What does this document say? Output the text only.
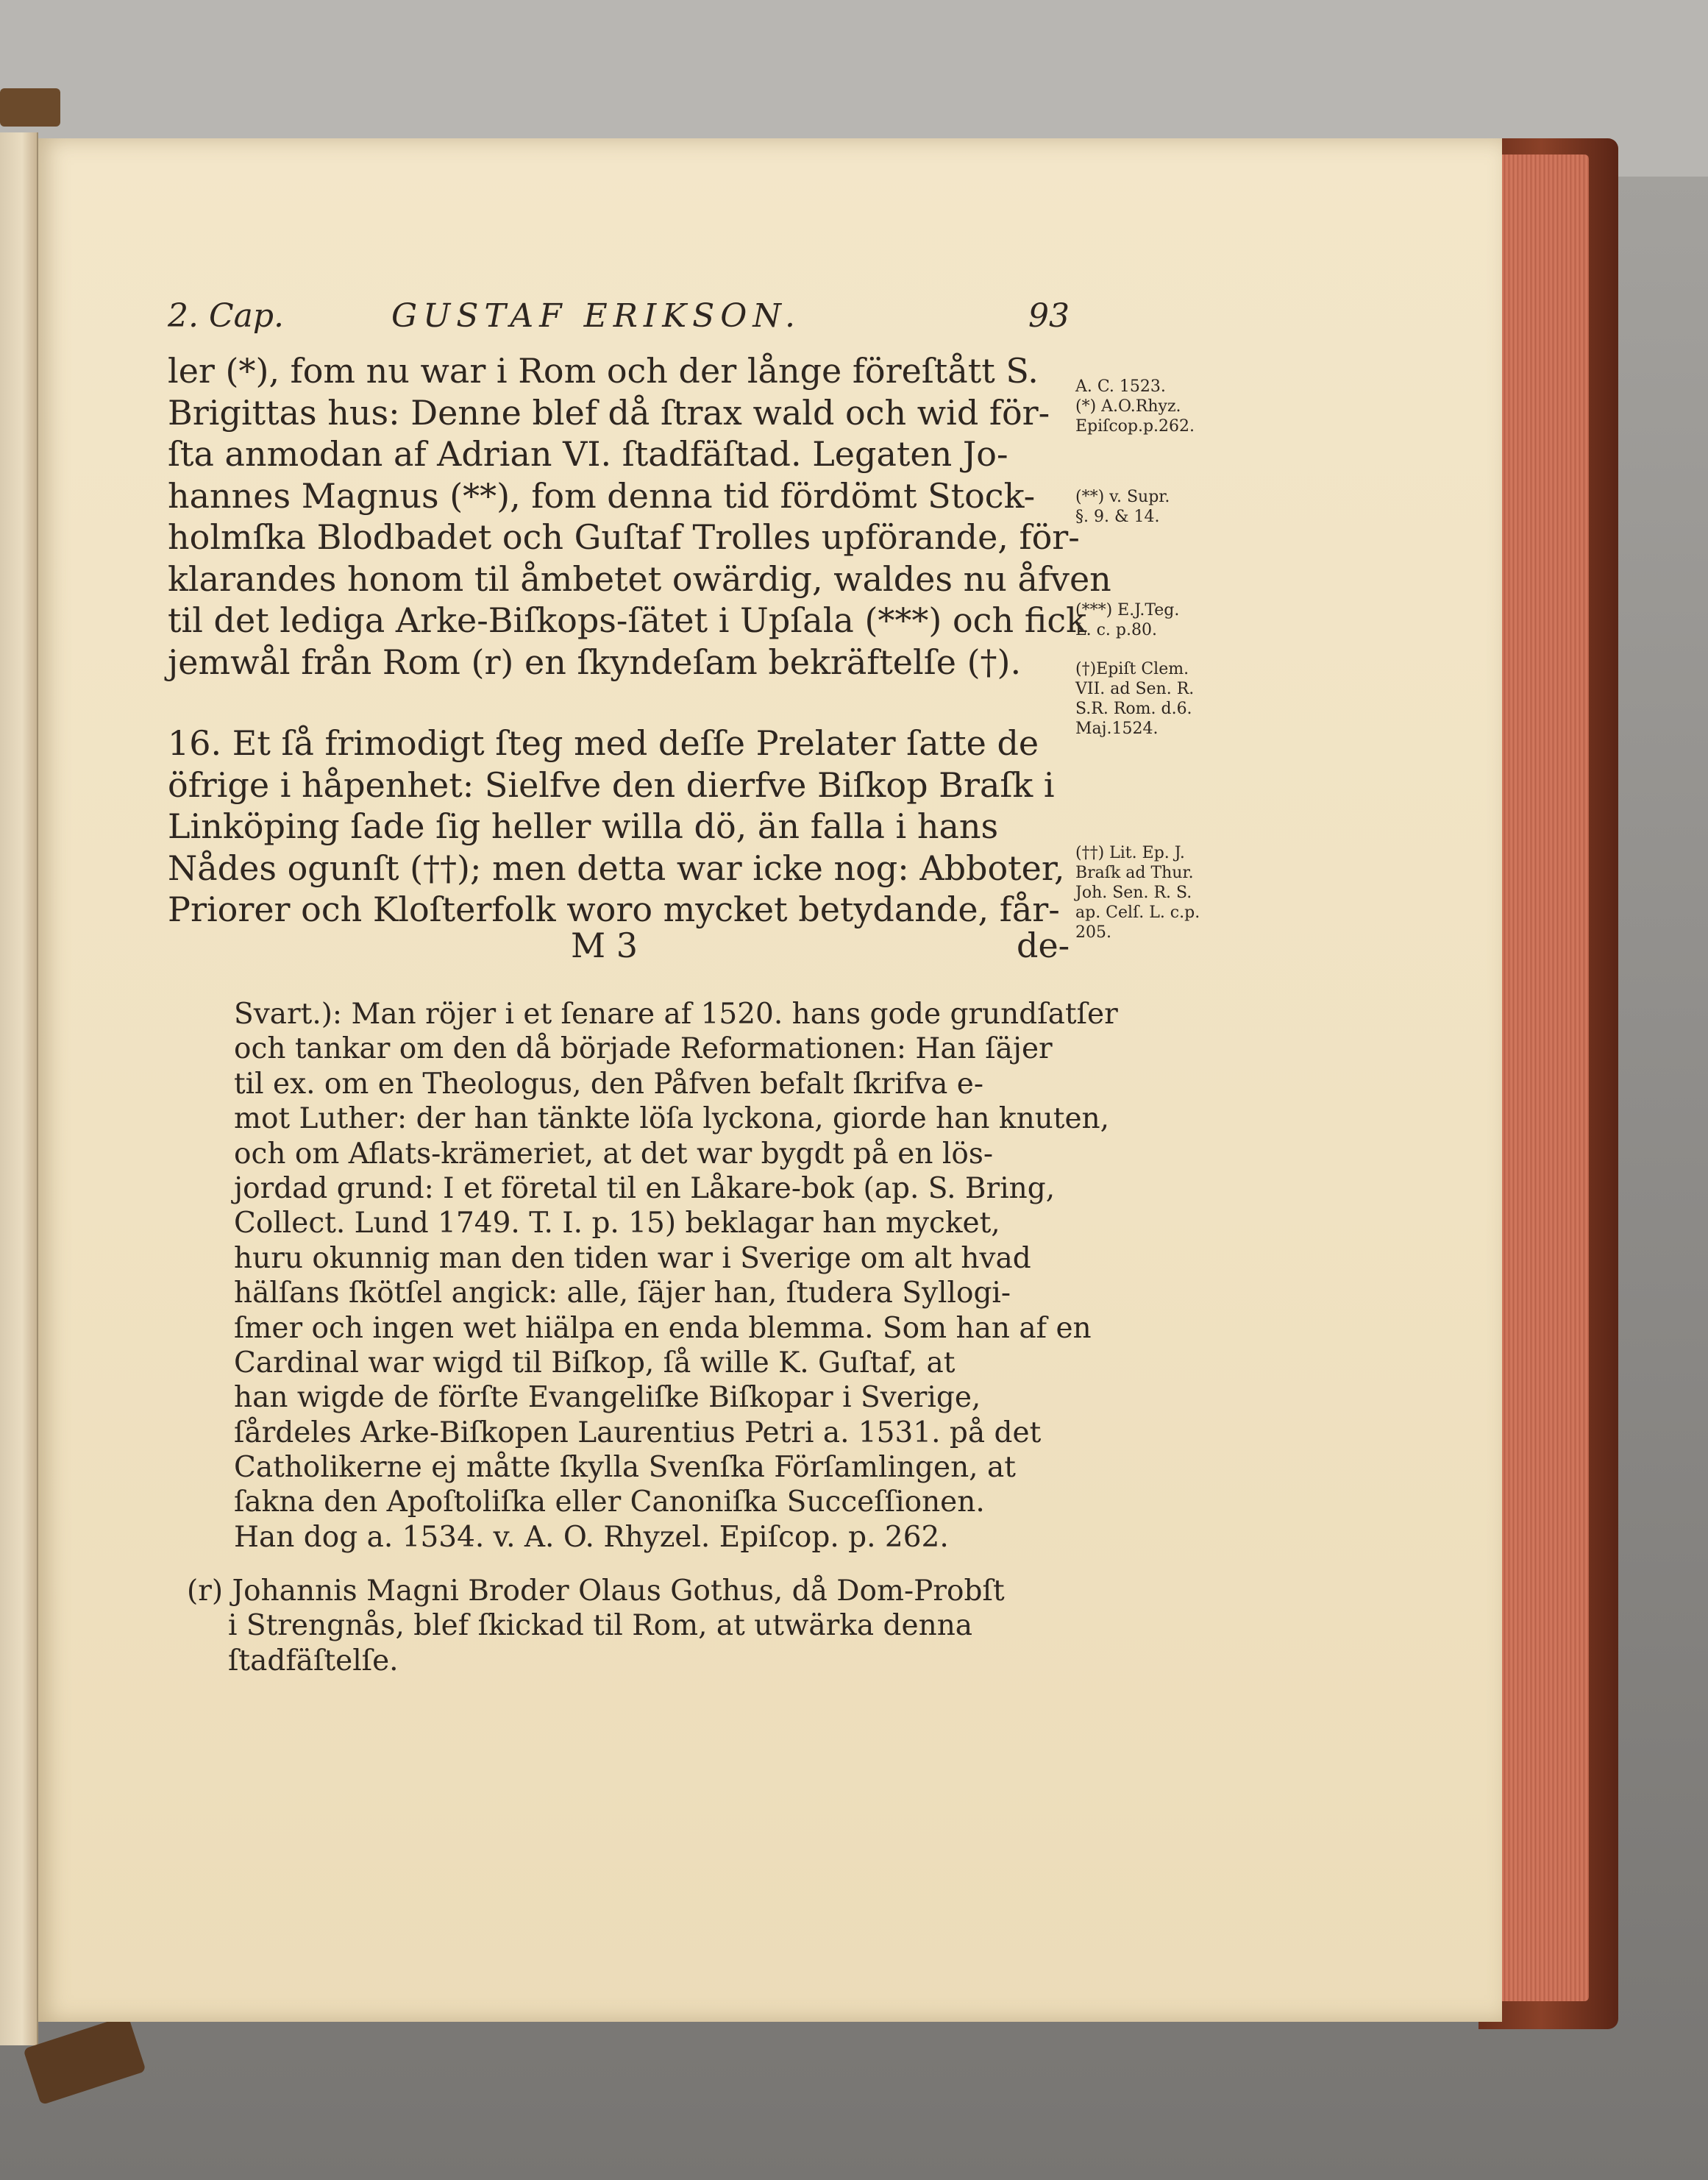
2. Cap.	GUSTAF ERIKSON.	93
ler (*), fom nu war i Rom och der långe föreſtått S.
Brigittas hus: Denne blef då ſtrax wald och wid för-
ſta anmodan af Adrian VI. ſtadfäſtad. Legaten Jo-
hannes Magnus (**), fom denna tid fördömt Stock-
holmſka Blodbadet och Guſtaf Trolles upförande, för-
klarandes honom til åmbetet owärdig, waldes nu åfven
til det lediga Arke-Biſkops-ſätet i Upſala (***) och fick
jemwål från Rom (r) en ſkyndeſam bekräftelſe (†).
16. Et ſå frimodigt ſteg med deſſe Prelater ſatte de
öfrige i håpenhet: Sielfve den dierfve Biſkop Braſk i
Linköping ſade ſig heller willa dö, än falla i hans
Nådes ogunſt (††); men detta war icke nog: Abboter,
Priorer och Kloſterfolk woro mycket betydande, får-
M 3	de-
Svart.): Man röjer i et ſenare af 1520. hans gode grundſatſer
och tankar om den då började Reformationen: Han ſäjer
til ex. om en Theologus, den Påfven befalt ſkrifva e-
mot Luther: der han tänkte löſa lyckona, giorde han knuten,
och om Aflats-krämeriet, at det war bygdt på en lös-
jordad grund: I et företal til en Låkare-bok (ap. S. Bring,
Collect. Lund 1749. T. I. p. 15) beklagar han mycket,
huru okunnig man den tiden war i Sverige om alt hvad
hälſans ſkötſel angick: alle, ſäjer han, ſtudera Syllogi-
ſmer och ingen wet hiälpa en enda blemma. Som han af en
Cardinal war wigd til Biſkop, ſå wille K. Guſtaf, at
han wigde de förſte Evangeliſke Biſkopar i Sverige,
ſårdeles Arke-Biſkopen Laurentius Petri a. 1531. på det
Catholikerne ej måtte ſkylla Svenſka Förſamlingen, at
ſakna den Apoſtoliſka eller Canoniſka Succeſſionen.
Han dog a. 1534. v. A. O. Rhyzel. Epiſcop. p. 262.
(r) Johannis Magni Broder Olaus Gothus, då Dom-Probſt
i Strengnås, blef ſkickad til Rom, at utwärka denna
ſtadfäſtelſe.
A. C. 1523.
(*) A.O.Rhyz.
Epiſcop.p.262.
(**) v. Supr.
§. 9. & 14.
(***) E.J.Teg.
L. c. p.80.
(†)Epiſt Clem.
VII. ad Sen. R.
S.R. Rom. d.6.
Maj.1524.
(††) Lit. Ep. J.
Braſk ad Thur.
Joh. Sen. R. S.
ap. Celſ. L. c.p.
205.
